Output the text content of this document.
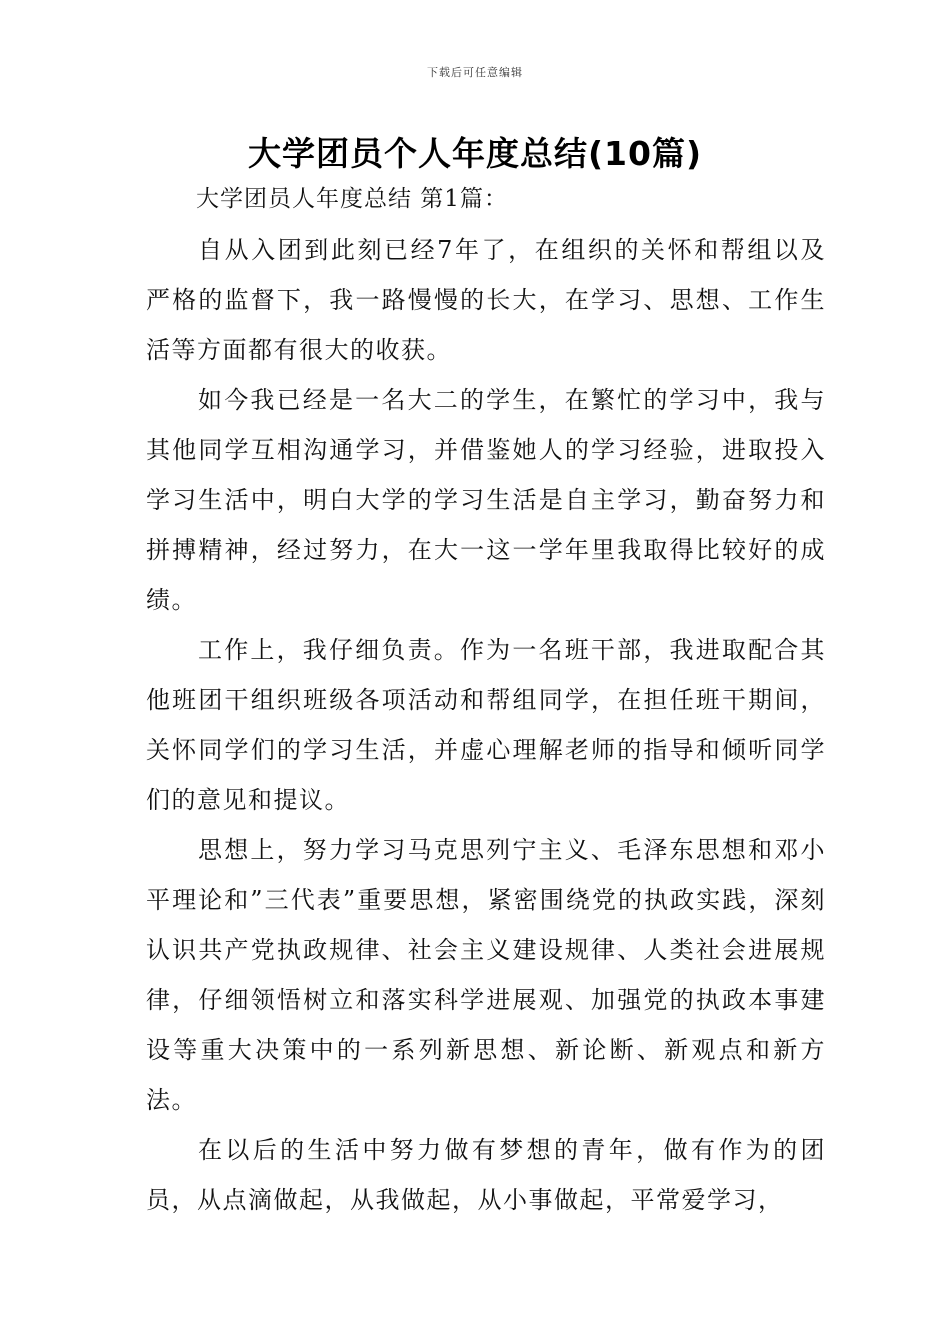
下载后可任意编辑
大学团员个人年度总结(10篇)
大学团员人年度总结 第1篇：

自从入团到此刻已经7年了，在组织的关怀和帮组以及严格的监督下，我一路慢慢的长大，在学习、思想、工作生活等方面都有很大的收获。

如今我已经是一名大二的学生，在繁忙的学习中，我与其他同学互相沟通学习，并借鉴她人的学习经验，进取投入学习生活中，明白大学的学习生活是自主学习，勤奋努力和拼搏精神，经过努力，在大一这一学年里我取得比较好的成绩。

工作上，我仔细负责。作为一名班干部，我进取配合其他班团干组织班级各项活动和帮组同学，在担任班干期间，关怀同学们的学习生活，并虚心理解老师的指导和倾听同学们的意见和提议。

思想上，努力学习马克思列宁主义、毛泽东思想和邓小平理论和”三代表”重要思想，紧密围绕党的执政实践，深刻认识共产党执政规律、社会主义建设规律、人类社会进展规律，仔细领悟树立和落实科学进展观、加强党的执政本事建设等重大决策中的一系列新思想、新论断、新观点和新方法。

在以后的生活中努力做有梦想的青年，做有作为的团员，从点滴做起，从我做起，从小事做起，平常爱学习，
